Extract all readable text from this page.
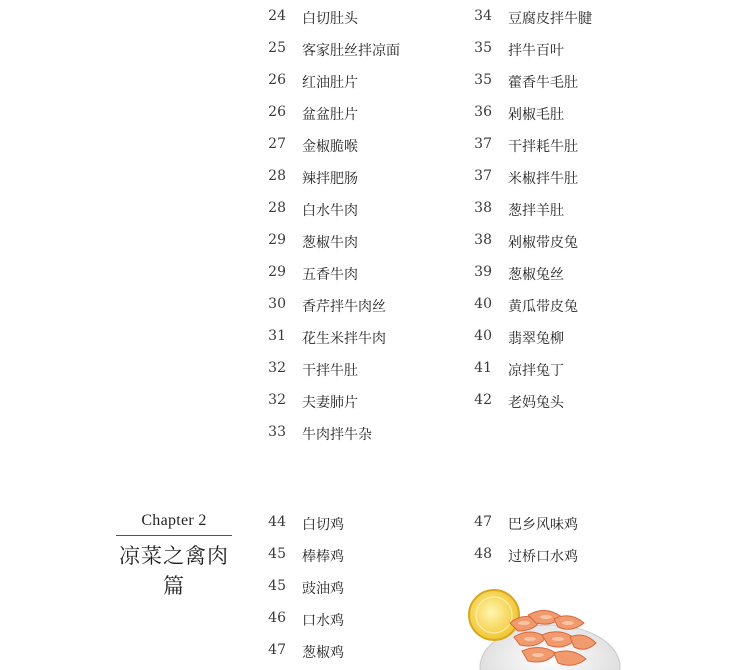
24 白切肚头
25 客家肚丝拌凉面
26 红油肚片
26 盆盆肚片
27 金椒脆喉
28 辣拌肥肠
28 白水牛肉
29 葱椒牛肉
29 五香牛肉
30 香芹拌牛肉丝
31 花生米拌牛肉
32 干拌牛肚
32 夫妻肺片
33 牛肉拌牛杂
34 豆腐皮拌牛腱
35 拌牛百叶
35 藿香牛毛肚
36 剁椒毛肚
37 干拌耗牛肚
37 米椒拌牛肚
38 葱拌羊肚
38 剁椒带皮兔
39 葱椒兔丝
40 黄瓜带皮兔
40 翡翠兔柳
41 凉拌兔丁
42 老妈兔头
Chapter 2
凉菜之禽肉篇
44 白切鸡
45 棒棒鸡
45 豉油鸡
46 口水鸡
47 葱椒鸡
47 巴乡风味鸡
48 过桥口水鸡
